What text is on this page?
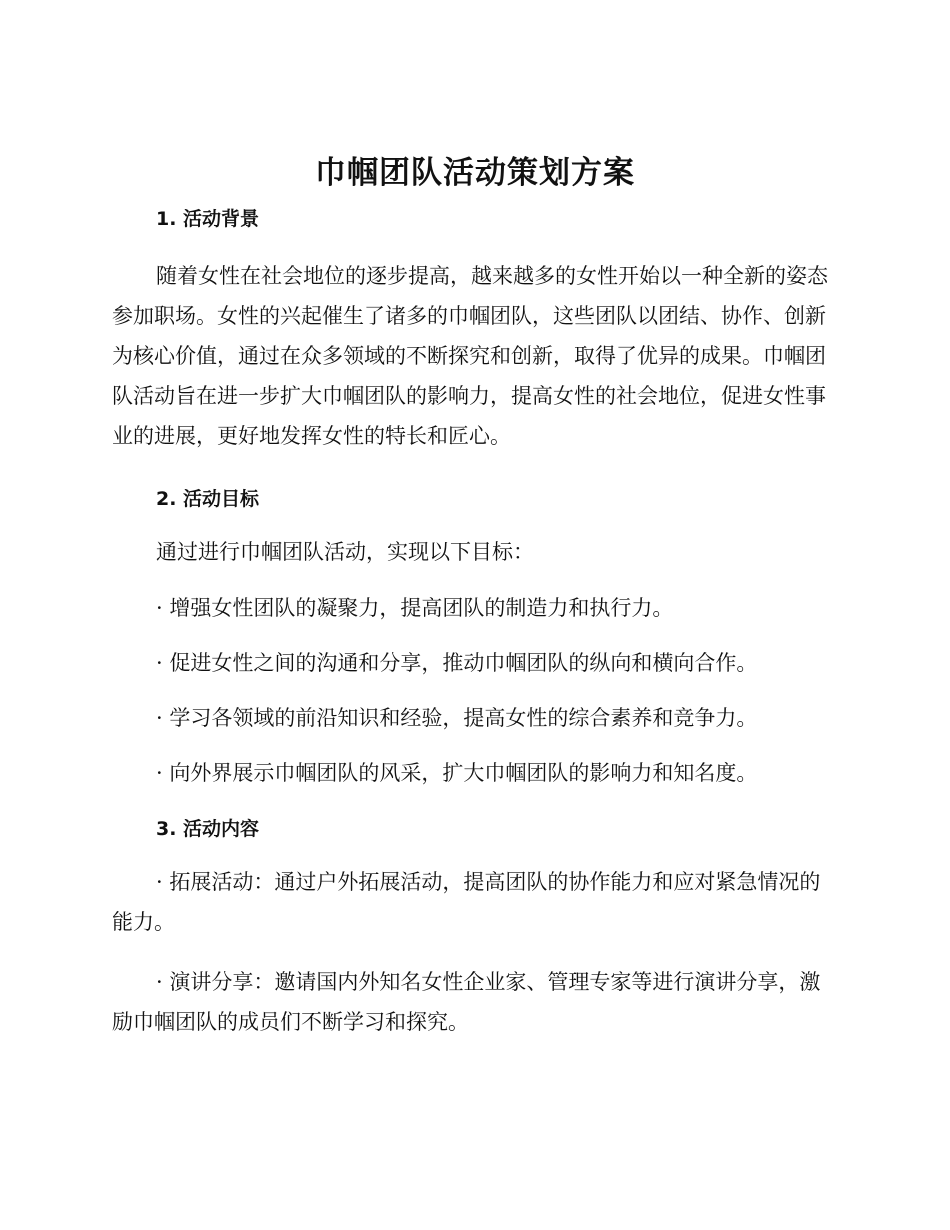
巾帼团队活动策划方案
1. 活动背景

随着女性在社会地位的逐步提高，越来越多的女性开始以一种全新的姿态参加职场。女性的兴起催生了诸多的巾帼团队，这些团队以团结、协作、创新为核心价值，通过在众多领域的不断探究和创新，取得了优异的成果。巾帼团队活动旨在进一步扩大巾帼团队的影响力，提高女性的社会地位，促进女性事业的进展，更好地发挥女性的特长和匠心。

2. 活动目标

通过进行巾帼团队活动，实现以下目标：

· 增强女性团队的凝聚力，提高团队的制造力和执行力。

· 促进女性之间的沟通和分享，推动巾帼团队的纵向和横向合作。

· 学习各领域的前沿知识和经验，提高女性的综合素养和竞争力。

· 向外界展示巾帼团队的风采，扩大巾帼团队的影响力和知名度。

3. 活动内容

· 拓展活动：通过户外拓展活动，提高团队的协作能力和应对紧急情况的能力。

· 演讲分享：邀请国内外知名女性企业家、管理专家等进行演讲分享，激励巾帼团队的成员们不断学习和探究。
